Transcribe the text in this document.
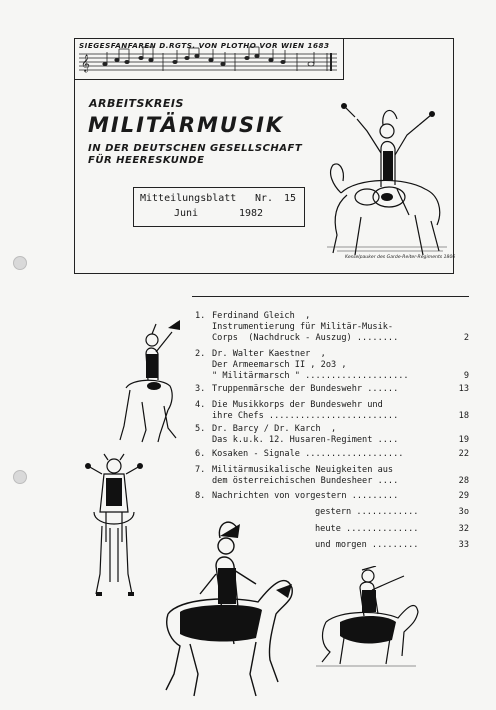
SIEGESFANFAREN D.RGTS. VON PLOTHO VOR WIEN 1683
𝄞
ARBEITSKREIS
MILITÄRMUSIK
IN DER DEUTSCHEN GESELLSCHAFT
FÜR HEERESKUNDE
Kesselpauker des Garde-Reiter-Regiments 1806
Mitteilungsblatt Nr. 15
Juni	1982
1. Ferdinand Gleich  ,
Instrumentierung für Militär-Musik-
Corps  (Nachdruck - Auszug) ........	2
2. Dr. Walter Kaestner  ,
Der Armeemarsch II , 2o3 ,
" Militärmarsch " ....................	9
3. Truppenmärsche der Bundeswehr ......	13
4. Die Musikkorps der Bundeswehr und
ihre Chefs .........................	18
5. Dr. Barcy / Dr. Karch  ,
Das k.u.k. 12. Husaren-Regiment ....	19
6. Kosaken - Signale ...................	22
7. Militärmusikalische Neuigkeiten aus
dem österreichischen Bundesheer ....	28
8. Nachrichten von vorgestern .........	29
gestern ............	3o
heute ..............	32
und morgen .........	33
